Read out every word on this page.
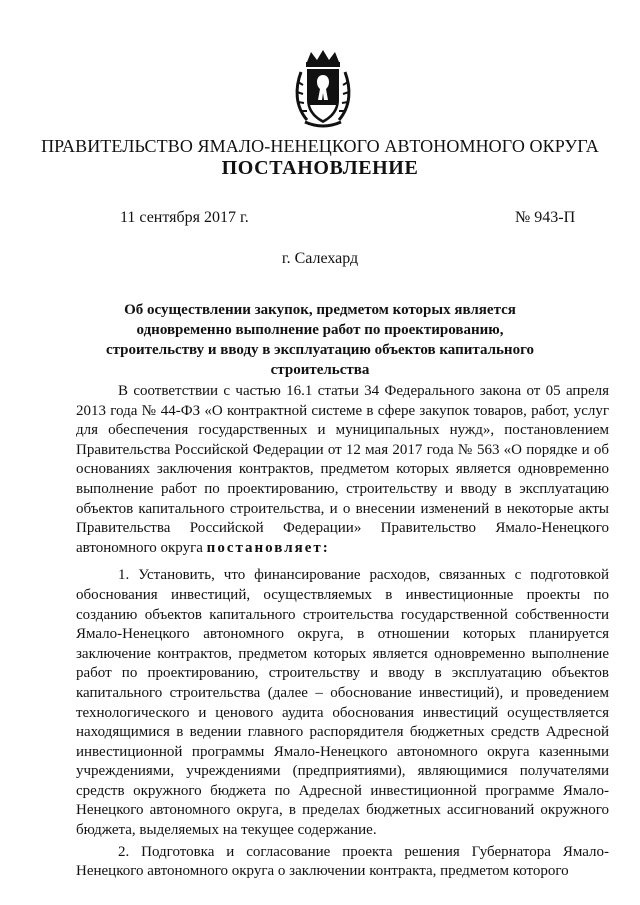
ПРАВИТЕЛЬСТВО ЯМАЛО-НЕНЕЦКОГО АВТОНОМНОГО ОКРУГА
ПОСТАНОВЛЕНИЕ
11 сентября 2017 г.	№ 943-П
г. Салехард
Об осуществлении закупок, предметом которых является одновременно выполнение работ по проектированию, строительству и вводу в эксплуатацию объектов капитального строительства

В соответствии с частью 16.1 статьи 34 Федерального закона от 05 апреля 2013 года № 44-ФЗ «О контрактной системе в сфере закупок товаров, работ, услуг для обеспечения государственных и муниципальных нужд», постановлением Правительства Российской Федерации от 12 мая 2017 года № 563 «О порядке и об основаниях заключения контрактов, предметом которых является одновременно выполнение работ по проектированию, строительству и вводу в эксплуатацию объектов капитального строительства, и о внесении изменений в некоторые акты Правительства Российской Федерации» Правительство Ямало-Ненецкого автономного округа постановляет:

1. Установить, что финансирование расходов, связанных с подготовкой обоснования инвестиций, осуществляемых в инвестиционные проекты по созданию объектов капитального строительства государственной собственности Ямало-Ненецкого автономного округа, в отношении которых планируется заключение контрактов, предметом которых является одновременно выполнение работ по проектированию, строительству и вводу в эксплуатацию объектов капитального строительства (далее – обоснование инвестиций), и проведением технологического и ценового аудита обоснования инвестиций осуществляется находящимися в ведении главного распорядителя бюджетных средств Адресной инвестиционной программы Ямало-Ненецкого автономного округа казенными учреждениями, учреждениями (предприятиями), являющимися получателями средств окружного бюджета по Адресной инвестиционной программе Ямало-Ненецкого автономного округа, в пределах бюджетных ассигнований окружного бюджета, выделяемых на текущее содержание.

2. Подготовка и согласование проекта решения Губернатора Ямало-Ненецкого автономного округа о заключении контракта, предметом которого
